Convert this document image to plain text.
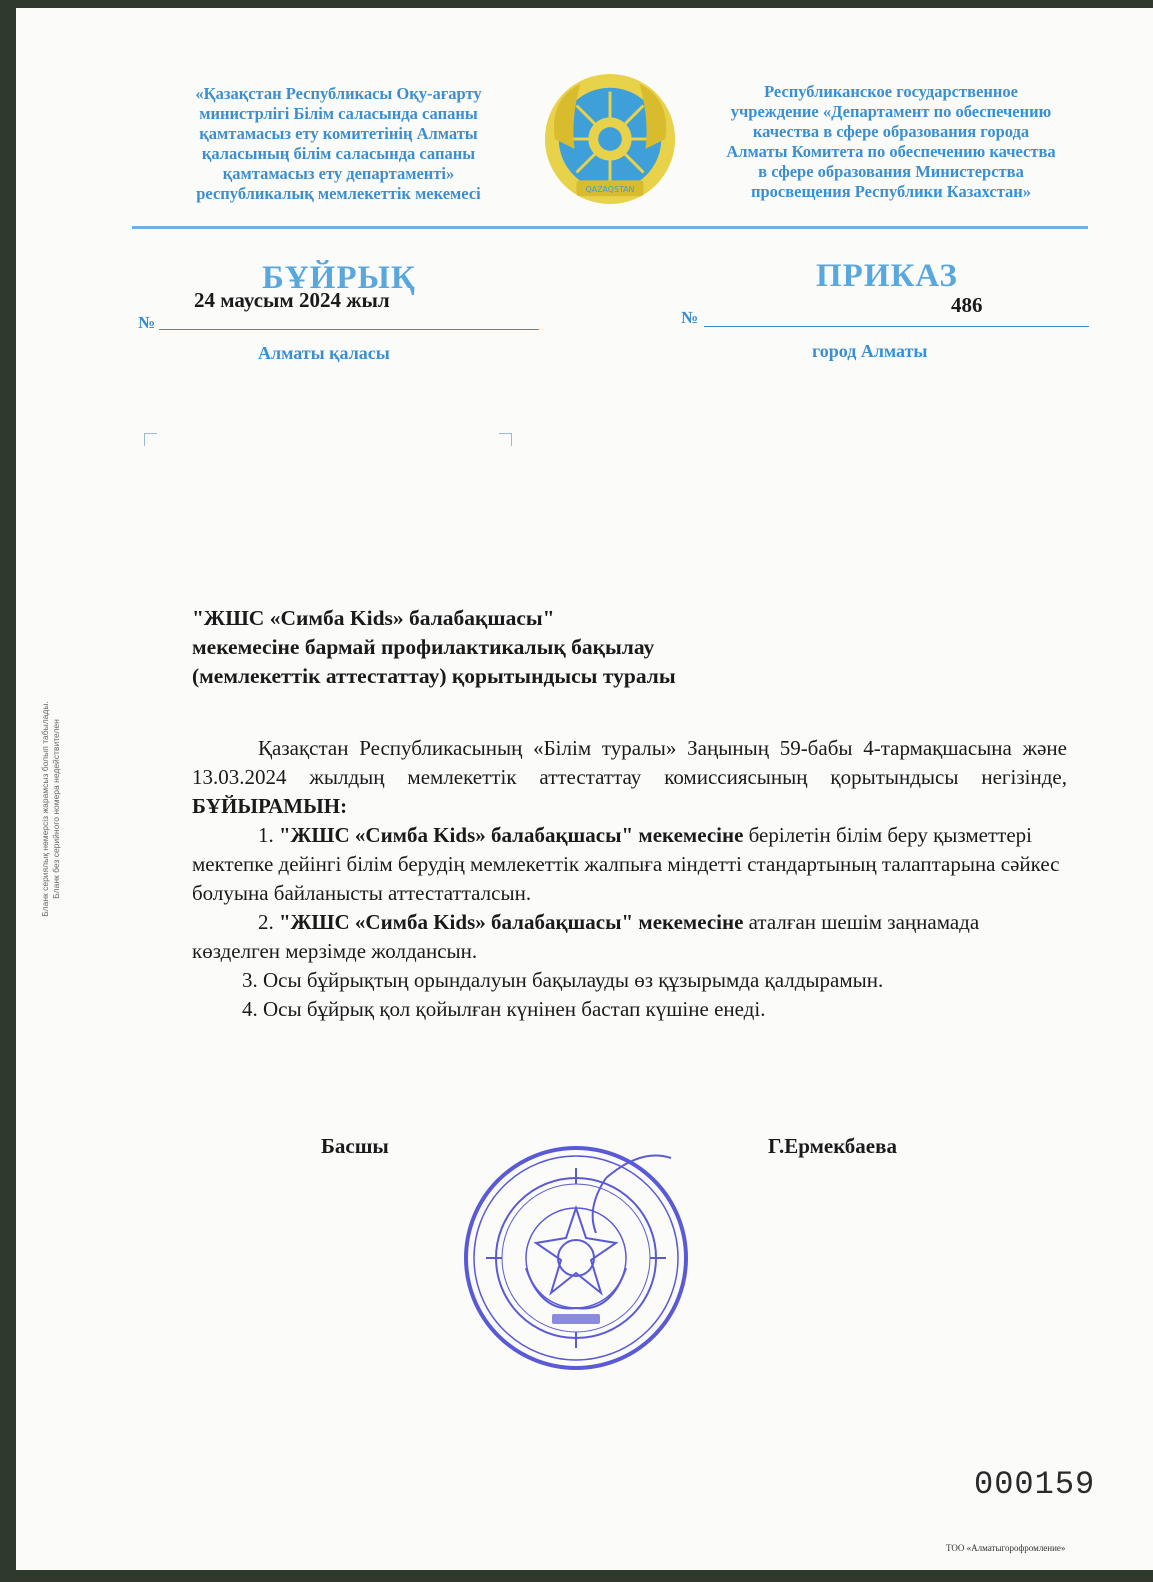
«Қазақстан Республикасы Оқу-ағарту
министрлігі Білім саласында сапаны
қамтамасыз ету комитетінің Алматы
қаласының білім саласында сапаны
қамтамасыз ету департаменті»
республикалық мемлекеттік мекемесі	QAZAQSTAN
Республиканское государственное
учреждение «Департамент по обеспечению
качества в сфере образования города
Алматы Комитета по обеспечению качества
в сфере образования Министерства
просвещения Республики Казахстан»
БҰЙРЫҚ	ПРИКАЗ
№
24 маусым 2024 жыл
№
486
Алматы қаласы	город Алматы
Бланк сериялық нөмерсіз жарамсыз болып табылады. Бланк без серийного номера недействителен
"ЖШС «Симба Kids» балабақшасы"
мекемесіне бармай профилактикалық бақылау
(мемлекеттік аттестаттау) қорытындысы туралы

Қазақстан Республикасының «Білім туралы» Заңының 59-бабы 4-тармақшасына және 13.03.2024 жылдың мемлекеттік аттестаттау комиссиясының қорытындысы негізінде, БҰЙЫРАМЫН:

1. "ЖШС «Симба Kids» балабақшасы" мекемесіне берілетін білім беру қызметтері мектепке дейінгі білім берудің мемлекеттік жалпыға міндетті стандартының талаптарына сәйкес болуына байланысты аттестатталсын.

2. "ЖШС «Симба Kids» балабақшасы" мекемесіне аталған шешім заңнамада көзделген мерзімде жолдансын.

3. Осы бұйрықтың орындалуын бақылауды өз құзырымда қалдырамын.

4. Осы бұйрық қол қойылған күнінен бастап күшіне енеді.

Басшы	Г.Ермекбаева
000159
ТОО «Алматыгорофромление»
